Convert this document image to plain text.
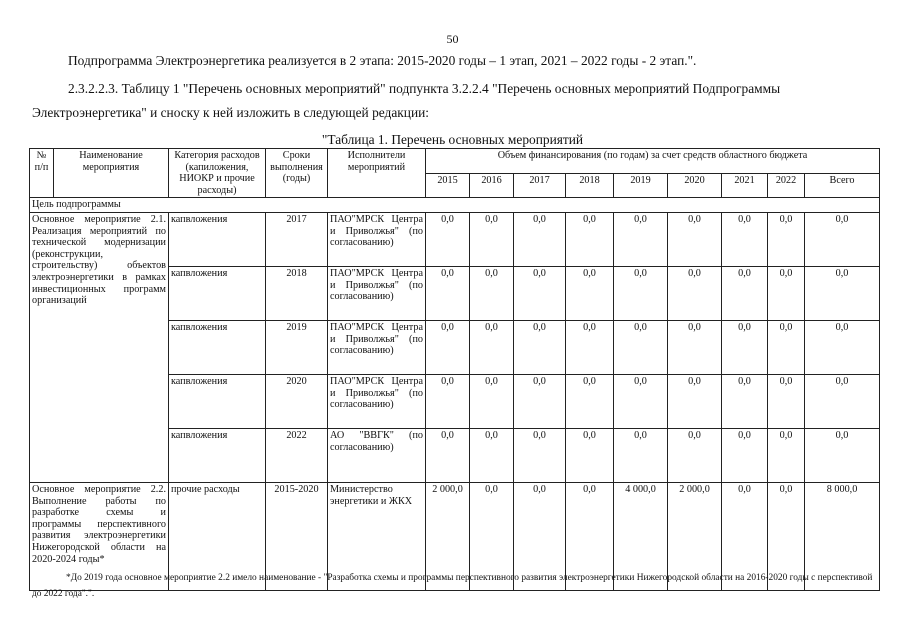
50
Подпрограмма Электроэнергетика реализуется в 2 этапа: 2015-2020 годы – 1 этап, 2021 – 2022 годы - 2 этап.".
2.3.2.2.3. Таблицу 1 "Перечень основных мероприятий" подпункта 3.2.2.4 "Перечень основных мероприятий Подпрограммы
Электроэнергетика" и сноску к ней изложить в следующей редакции:
"Таблица 1. Перечень основных мероприятий
№ п/п	Наименование мероприятия	Категория расходов (капиложения, НИОКР и прочие расходы)	Сроки выполнения (годы)	Исполнители мероприятий	Объем финансирования (по годам) за счет средств областного бюджета								
					2015	2016	2017	2018	2019	2020	2021	2022	Всего
Цель подпрограммы													
Основное мероприятие 2.1. Реализация мероприятий по технической модернизации (реконструкции, строительству) объектов электроэнергетики в рамках инвестиционных программ организаций		капвложения	2017	ПАО"МРСК Центра и Приволжья" (по согласованию)	0,0	0,0	0,0	0,0	0,0	0,0	0,0	0,0	0,0
		капвложения	2018	ПАО"МРСК Центра и Приволжья" (по согласованию)	0,0	0,0	0,0	0,0	0,0	0,0	0,0	0,0	0,0
		капвложения	2019	ПАО"МРСК Центра и Приволжья" (по согласованию)	0,0	0,0	0,0	0,0	0,0	0,0	0,0	0,0	0,0
		капвложения	2020	ПАО"МРСК Центра и Приволжья" (по согласованию)	0,0	0,0	0,0	0,0	0,0	0,0	0,0	0,0	0,0
		капвложения	2022	АО "ВВГК" (по согласованию)	0,0	0,0	0,0	0,0	0,0	0,0	0,0	0,0	0,0
Основное мероприятие 2.2. Выполнение работы по разработке схемы и программы перспективного развития электроэнергетики Нижегородской области на 2020-2024 годы*		прочие расходы	2015-2020	Министерство энергетики и ЖКХ	2 000,0	0,0	0,0	0,0	4 000,0	2 000,0	0,0	0,0	8 000,0
*До 2019 года основное мероприятие 2.2 имело наименование - "Разработка схемы и программы перспективного развития электроэнергетики Нижегородской области на 2016-2020 годы с перспективой до 2022 года".".
